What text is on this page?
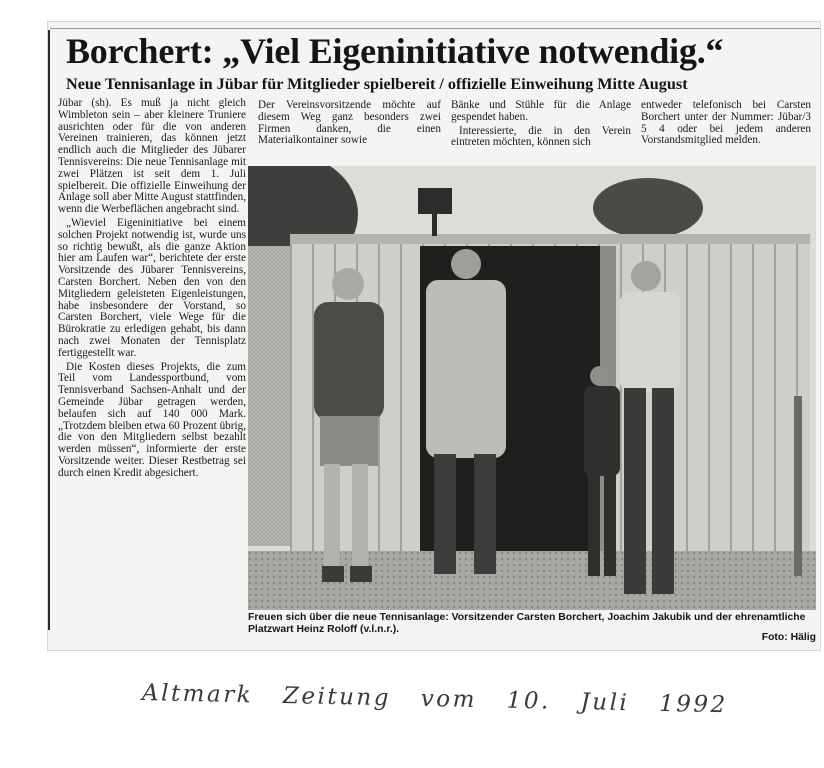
Borchert: „Viel Eigeninitiative notwendig.“
Neue Tennisanlage in Jübar für Mitglieder spielbereit / offizielle Einweihung Mitte August

Jübar (sh). Es muß ja nicht gleich Wimbleton sein – aber kleinere Truniere ausrichten oder für die von anderen Vereinen trainieren, das können jetzt endlich auch die Mitglieder des Jübarer Tennisvereins: Die neue Tennisanlage mit zwei Plätzen ist seit dem 1. Juli spielbereit. Die offizielle Einweihung der Anlage soll aber Mitte August stattfinden, wenn die Werbeflächen angebracht sind.

„Wieviel Eigeninitiative bei einem solchen Projekt notwendig ist, wurde uns so richtig bewußt, als die ganze Aktion hier am Laufen war“, berichtete der erste Vorsitzende des Jübarer Tennisvereins, Carsten Borchert. Neben den von den Mitgliedern geleisteten Eigenleistungen, habe insbesondere der Vorstand, so Carsten Borchert, viele Wege für die Bürokratie zu erledigen gehabt, bis dann nach zwei Monaten der Tennisplatz fertiggestellt war.

Die Kosten dieses Projekts, die zum Teil vom Landessportbund, vom Tennisverband Sachsen-Anhalt und der Gemeinde Jübar getragen werden, belaufen sich auf 140 000 Mark. „Trotzdem bleiben etwa 60 Prozent übrig, die von den Mitgliedern selbst bezahlt werden müssen“, informierte der erste Vorsitzende weiter. Dieser Restbetrag sei durch einen Kredit abgesichert.

Der Vereinsvorsitzende möchte auf diesem Weg ganz besonders zwei Firmen danken, die einen Materialkontainer sowie

Bänke und Stühle für die Anlage gespendet haben.

Interessierte, die in den Verein eintreten möchten, können sich

entweder telefonisch bei Carsten Borchert unter der Nummer: Jübar/3 5 4 oder bei jedem anderen Vorstandsmitglied melden.

Freuen sich über die neue Tennisanlage: Vorsitzender Carsten Borchert, Joachim Jakubik und der ehrenamtliche Platzwart Heinz Roloff (v.l.n.r.).
Foto: Hälig
Altmark Zeitung vom 10. Juli 1992
